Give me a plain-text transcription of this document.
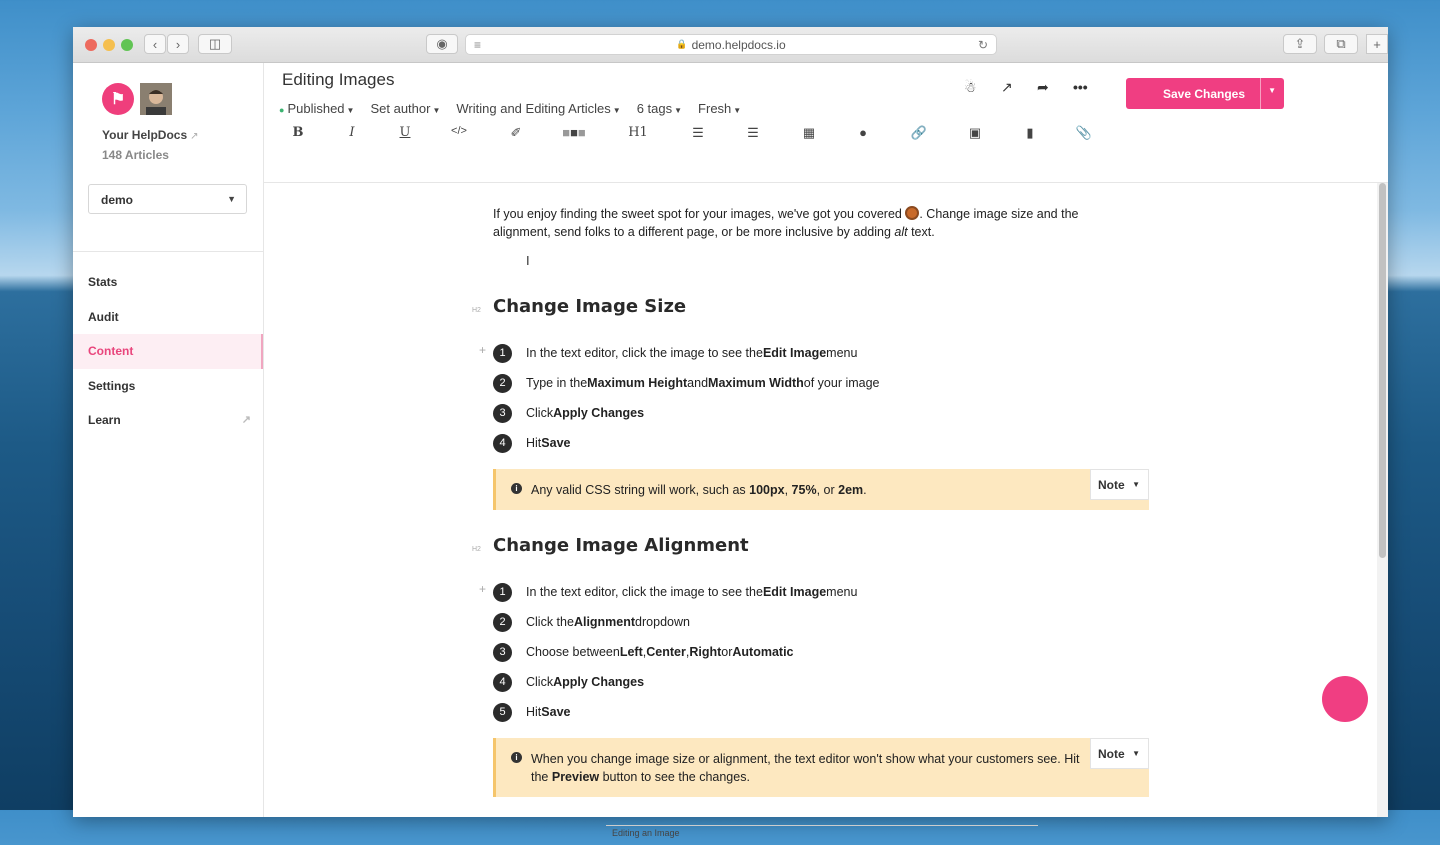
‹ › ◫	◉ ≡	🔒 demo.helpdocs.io	↻	⇪ ⧉ +
⚑
Your HelpDocs ↗
148 Articles
demo	▼
Stats
Audit
Content
Settings
Learn	↗
Editing Images
● Published ▼ Set author ▼ Writing and Editing Articles ▼ 6 tags ▼ Fresh ▼
B	I	U	</>	✐	■■■	H1	☰	☰	▦	●	🔗	▣	▮	📎
☃ ↗ ➦ •••	Save Changes	▼
I
If you enjoy finding the sweet spot for your images, we've got you covered . Change image size and the alignment, send folks to a different page, or be more inclusive by adding alt text.
H2 Change Image Size
+	1	In the text editor, click the image to see the Edit Image menu
2	Type in the Maximum Height and Maximum Width of your image
3	Click Apply Changes
4	Hit Save
i	Any valid CSS string will work, such as 100px, 75%, or 2em.	Note ▼
H2 Change Image Alignment
+	1	In the text editor, click the image to see the Edit Image menu
2	Click the Alignment dropdown
3	Choose between Left , Center , Right or Automatic
4	Click Apply Changes
5	Hit Save
i	When you change image size or alignment, the text editor won't show what your customers see. Hit the Preview button to see the changes.
Note ▼
Editing an Image
